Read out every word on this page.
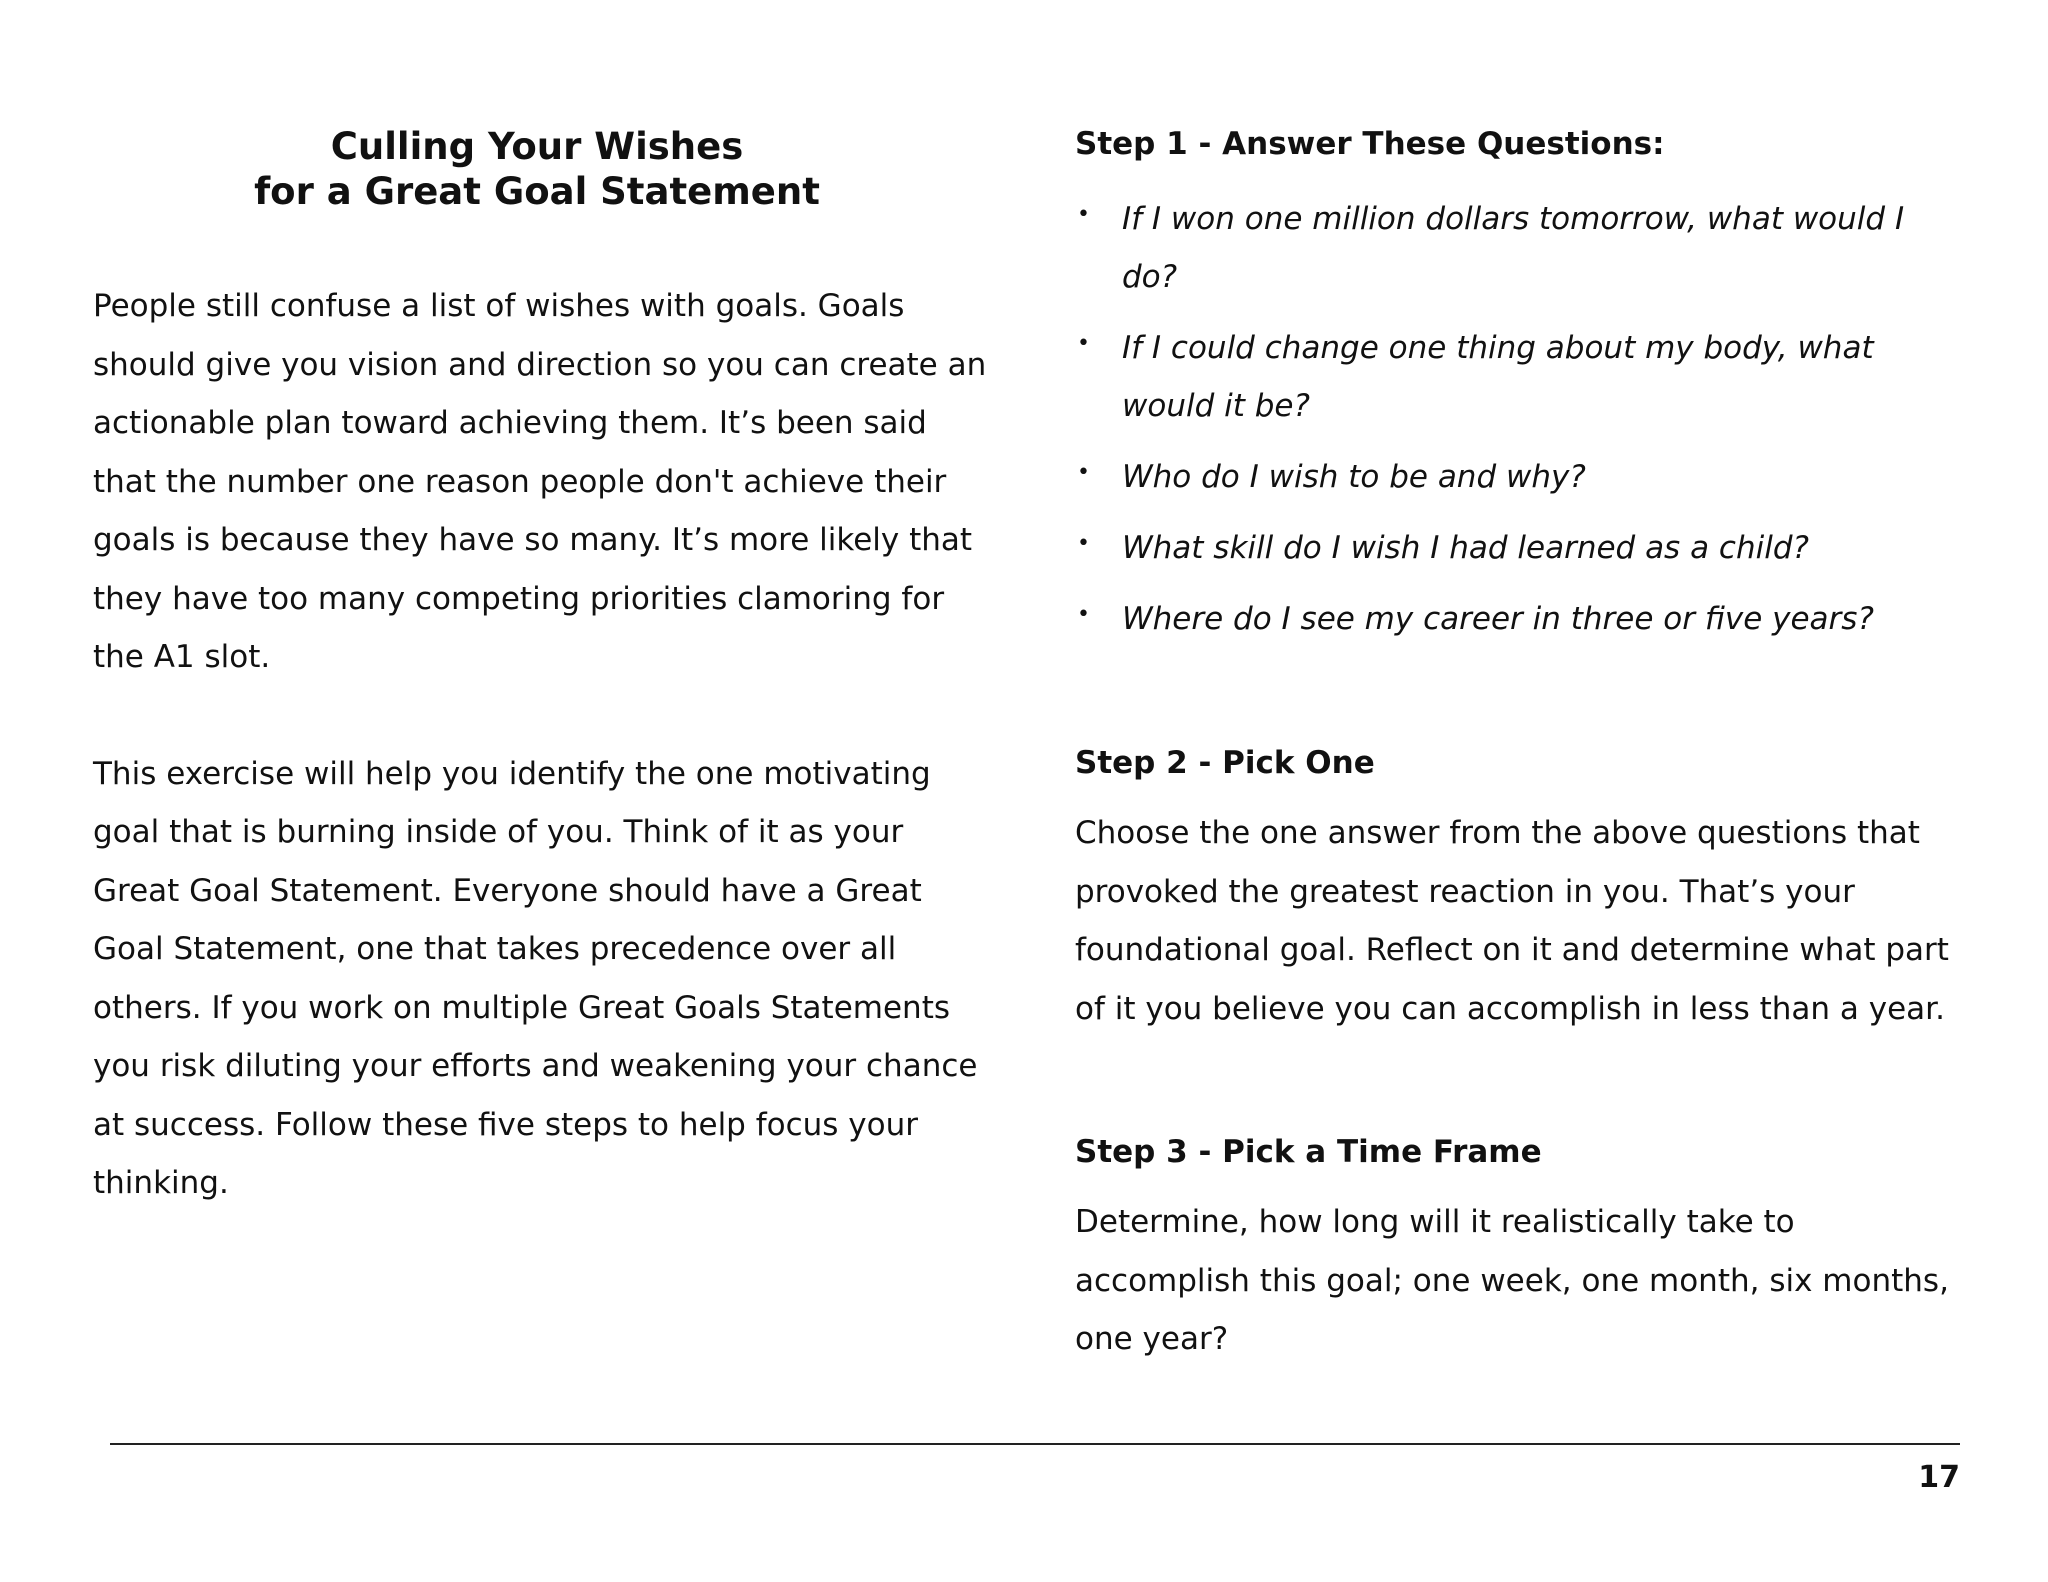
Culling Your Wishes
for a Great Goal Statement

People still confuse a list of wishes with goals. Goals should give you vision and direction so you can create an actionable plan toward achieving them. It’s been said that the number one reason people don't achieve their goals is because they have so many. It’s more likely that they have too many competing priorities clamoring for the A1 slot.

This exercise will help you identify the one motivating goal that is burning inside of you. Think of it as your Great Goal Statement. Everyone should have a Great Goal Statement, one that takes precedence over all others. If you work on multiple Great Goals Statements you risk diluting your efforts and weakening your chance at success. Follow these five steps to help focus your thinking.

Step 1 - Answer These Questions:
• If I won one million dollars tomorrow, what would I do?
• If I could change one thing about my body, what would it be?
• Who do I wish to be and why?
• What skill do I wish I had learned as a child?
• Where do I see my career in three or five years?
Step 2 - Pick One

Choose the one answer from the above questions that provoked the greatest reaction in you. That’s your foundational goal. Reflect on it and determine what part of it you believe you can accomplish in less than a year.

Step 3 - Pick a Time Frame

Determine, how long will it realistically take to accomplish this goal; one week, one month, six months, one year?

17
